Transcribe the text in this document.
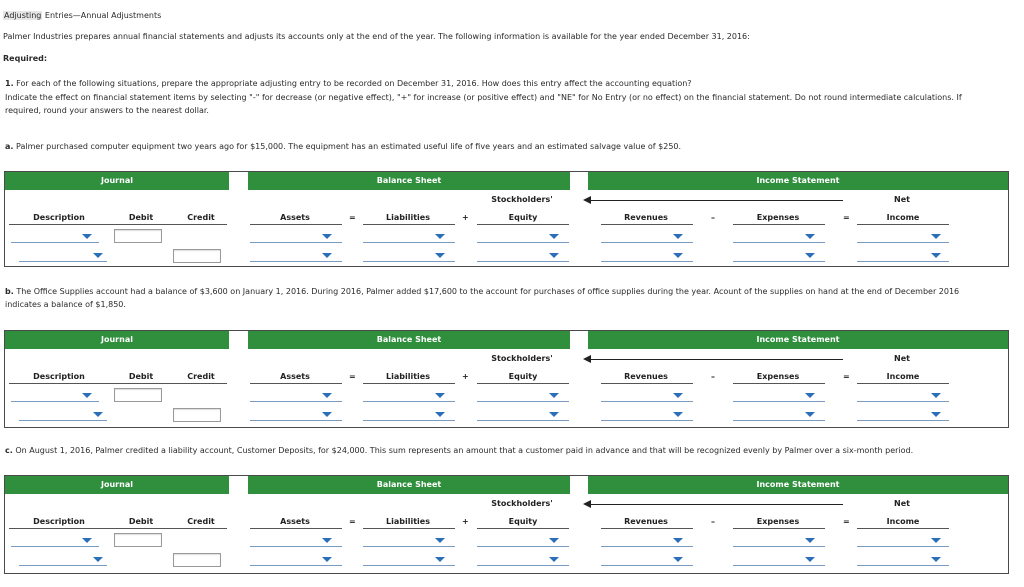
Adjusting Entries—Annual Adjustments
Palmer Industries prepares annual financial statements and adjusts its accounts only at the end of the year. The following information is available for the year ended December 31, 2016:
Required:
1. For each of the following situations, prepare the appropriate adjusting entry to be recorded on December 31, 2016. How does this entry affect the accounting equation?
Indicate the effect on financial statement items by selecting "-" for decrease (or negative effect), "+" for increase (or positive effect) and "NE" for No Entry (or no effect) on the financial statement. Do not round intermediate calculations. If
required, round your answers to the nearest dollar.
a. Palmer purchased computer equipment two years ago for $15,000. The equipment has an estimated useful life of five years and an estimated salvage value of $250.
b. The Office Supplies account had a balance of $3,600 on January 1, 2016. During 2016, Palmer added $17,600 to the account for purchases of office supplies during the year. Acount of the supplies on hand at the end of December 2016
indicates a balance of $1,850.
c. On August 1, 2016, Palmer credited a liability account, Customer Deposits, for $24,000. This sum represents an amount that a customer paid in advance and that will be recognized evenly by Palmer over a six-month period.
Journal	Balance Sheet	Income Statement
Stockholders'	Net
Description	Debit	Credit	Assets	=	Liabilities	+	Equity	Revenues	–	Expenses	=	Income
Journal	Balance Sheet	Income Statement
Stockholders'	Net
Description	Debit	Credit	Assets	=	Liabilities	+	Equity	Revenues	–	Expenses	=	Income
Journal	Balance Sheet	Income Statement
Stockholders'	Net
Description	Debit	Credit	Assets	=	Liabilities	+	Equity	Revenues	–	Expenses	=	Income
